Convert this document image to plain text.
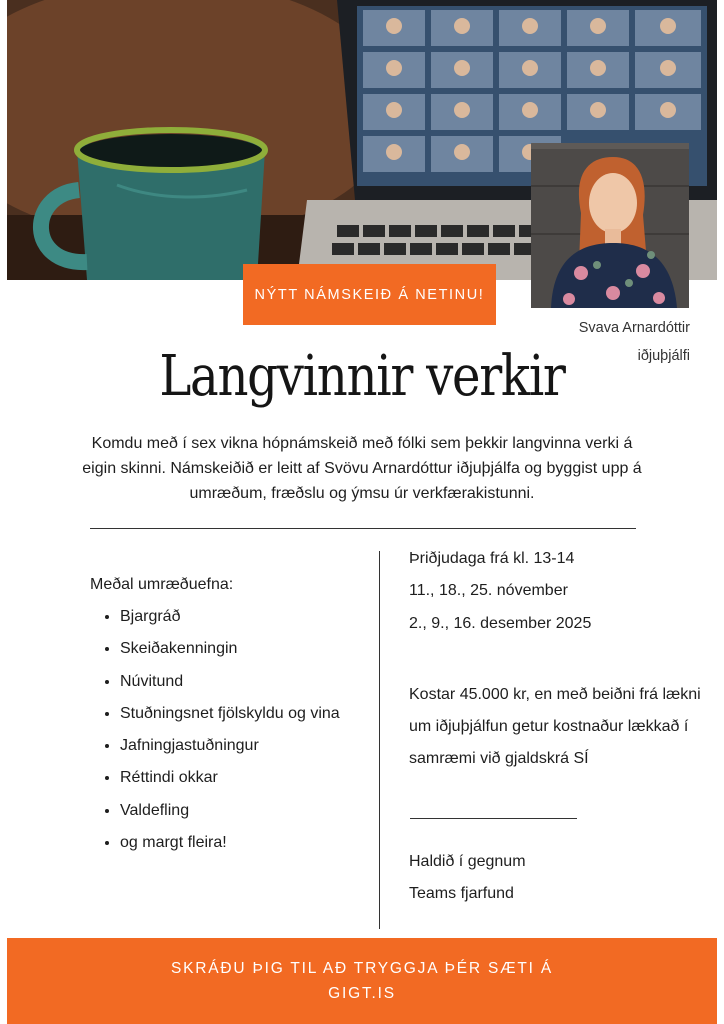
NÝTT NÁMSKEIÐ Á NETINU!
Svava Arnardóttir
iðjuþjálfi
Langvinnir verkir
Komdu með í sex vikna hópnámskeið með fólki sem þekkir langvinna verki á eigin skinni. Námskeiðið er leitt af Svövu Arnardóttur iðjuþjálfa og byggist upp á umræðum, fræðslu og ýmsu úr verkfærakistunni.
Meðal umræðuefna:
• Bjargráð
• Skeiðakenningin
• Núvitund
• Stuðningsnet fjölskyldu og vina
• Jafningjastuðningur
• Réttindi okkar
• Valdefling
• og margt fleira!
Þriðjudaga frá kl. 13-14
11., 18., 25. nóvember
2., 9., 16. desember 2025
Kostar 45.000 kr, en með beiðni frá lækni um iðjuþjálfun getur kostnaður lækkað í samræmi við gjaldskrá SÍ
Haldið í gegnum
Teams fjarfund
SKRÁÐU ÞIG TIL AÐ TRYGGJA ÞÉR SÆTI Á
GIGT.IS
